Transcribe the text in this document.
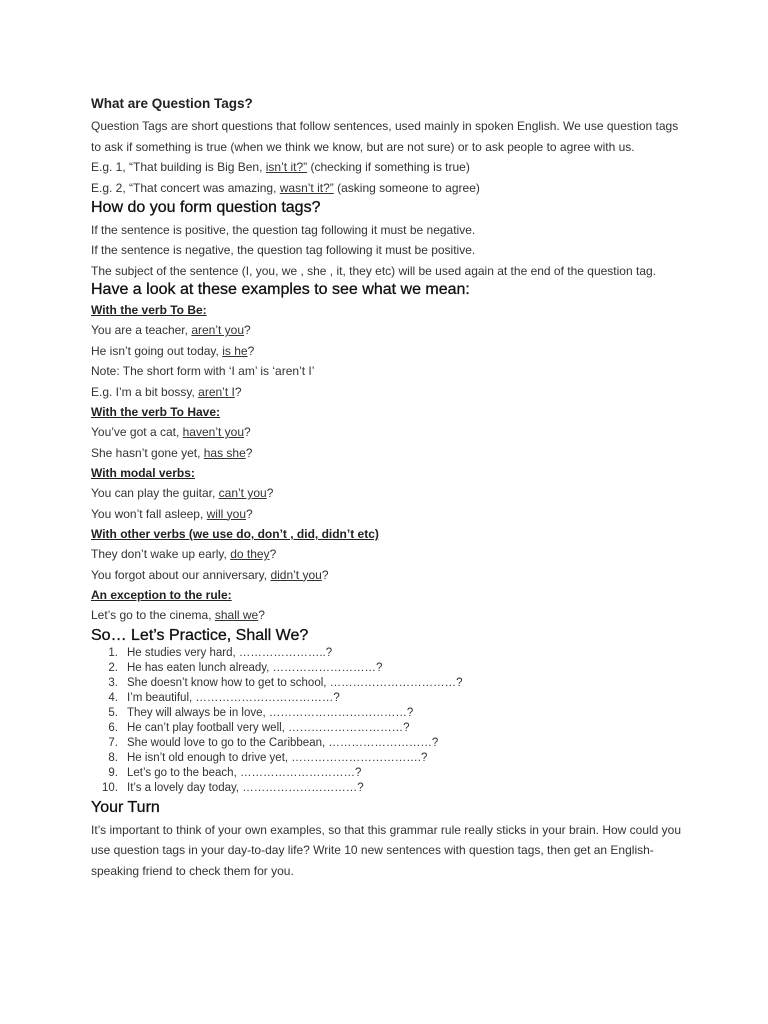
What are Question Tags?

Question Tags are short questions that follow sentences, used mainly in spoken English. We use question tags to ask if something is true (when we think we know, but are not sure) or to ask people to agree with us.

E.g. 1, “That building is Big Ben, isn’t it?” (checking if something is true)

E.g. 2, “That concert was amazing, wasn’t it?” (asking someone to agree)

How do you form question tags?

If the sentence is positive, the question tag following it must be negative.

If the sentence is negative, the question tag following it must be positive.

The subject of the sentence (I, you, we , she , it, they etc) will be used again at the end of the question tag.

Have a look at these examples to see what we mean:

With the verb To Be:

You are a teacher, aren’t you?

He isn’t going out today, is he?

Note: The short form with ‘I am’ is ‘aren’t I’

E.g. I’m a bit bossy, aren’t I?

With the verb To Have:

You’ve got a cat, haven’t you?

She hasn’t gone yet, has she?

With modal verbs:

You can play the guitar, can’t you?

You won’t fall asleep, will you?

With other verbs (we use do, don’t , did, didn’t etc)

They don’t wake up early, do they?

You forgot about our anniversary, didn’t you?

An exception to the rule:

Let’s go to the cinema, shall we?

So… Let’s Practice, Shall We?
1. He studies very hard, …………………..?
2. He has eaten lunch already, ………………………?
3. She doesn’t know how to get to school, ……………………………?
4. I’m beautiful, ………………………………?
5. They will always be in love, ………………………………?
6. He can’t play football very well, …………………………?
7. She would love to go to the Caribbean, ………………………?
8. He isn’t old enough to drive yet, …………………………….?
9. Let’s go to the beach, …………………………?
10. It’s a lovely day today, …………………………?
Your Turn

It’s important to think of your own examples, so that this grammar rule really sticks in your brain. How could you use question tags in your day-to-day life? Write 10 new sentences with question tags, then get an English-speaking friend to check them for you.
